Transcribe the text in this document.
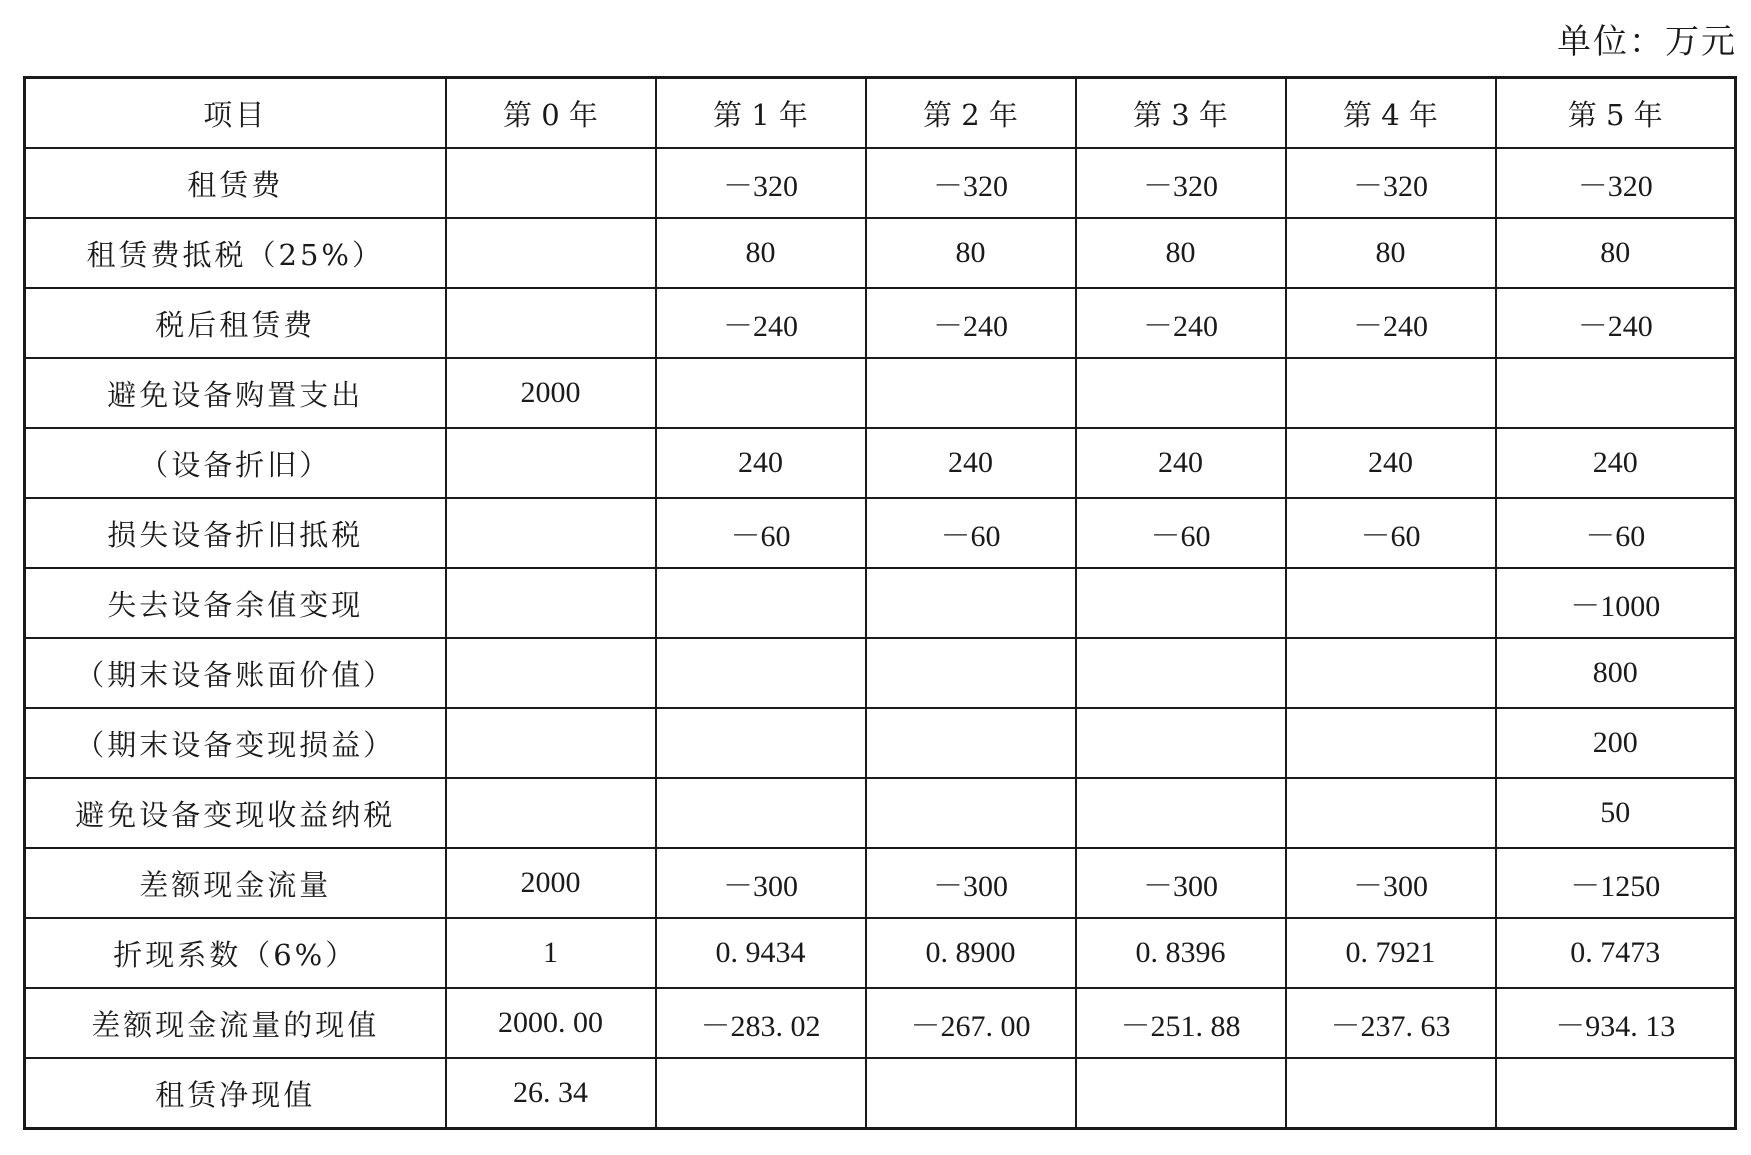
单位：万元
项目	第 0 年	第 1 年	第 2 年	第 3 年	第 4 年	第 5 年
租赁费		－320	－320	－320	－320	－320
租赁费抵税（25%）		80	80	80	80	80
税后租赁费		－240	－240	－240	－240	－240
避免设备购置支出	2000					
（设备折旧）		240	240	240	240	240
损失设备折旧抵税		－60	－60	－60	－60	－60
失去设备余值变现						－1000
（期末设备账面价值）						800
（期末设备变现损益）						200
避免设备变现收益纳税						50
差额现金流量	2000	－300	－300	－300	－300	－1250
折现系数（6%）	1	0. 9434	0. 8900	0. 8396	0. 7921	0. 7473
差额现金流量的现值	2000. 00	－283. 02	－267. 00	－251. 88	－237. 63	－934. 13
租赁净现值	26. 34					
